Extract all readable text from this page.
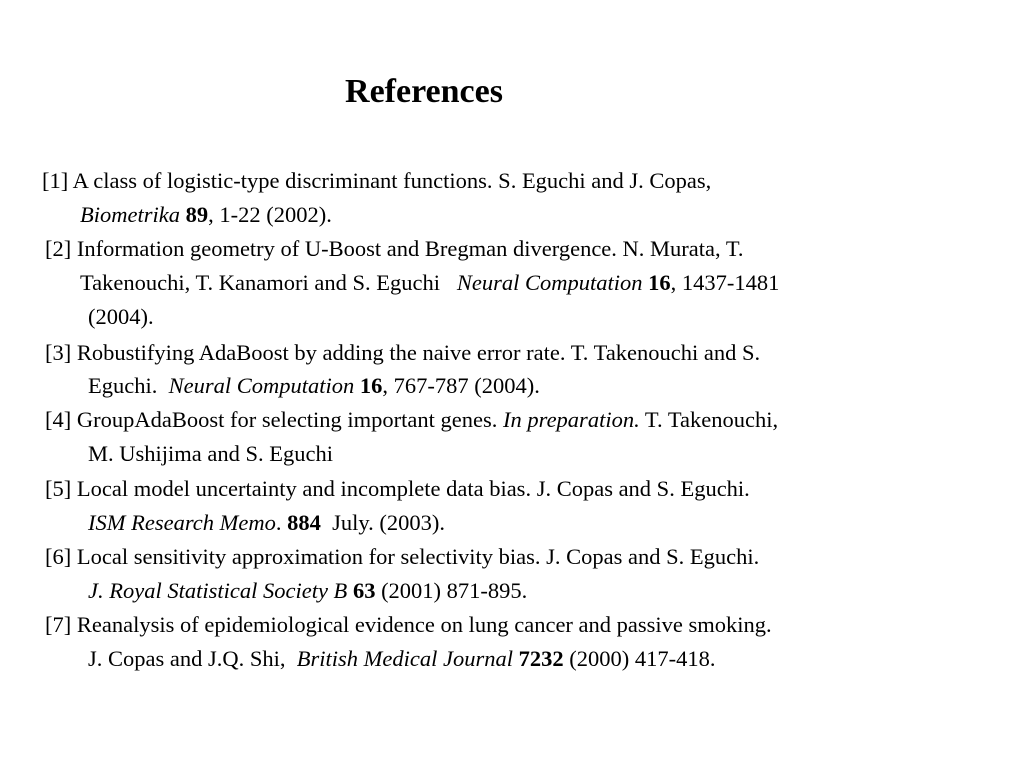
References

[1] A class of logistic-type discriminant functions. S. Eguchi and J. Copas,

Biometrika 89, 1-22 (2002).

[2] Information geometry of U-Boost and Bregman divergence. N. Murata, T.

Takenouchi, T. Kanamori and S. Eguchi Neural Computation 16, 1437-1481

(2004).

[3] Robustifying AdaBoost by adding the naive error rate. T. Takenouchi and S.

Eguchi. Neural Computation 16, 767-787 (2004).

[4] GroupAdaBoost for selecting important genes. In preparation. T. Takenouchi,

M. Ushijima and S. Eguchi

[5] Local model uncertainty and incomplete data bias. J. Copas and S. Eguchi.

ISM Research Memo. 884 July. (2003).

[6] Local sensitivity approximation for selectivity bias. J. Copas and S. Eguchi.

J. Royal Statistical Society B 63 (2001) 871-895.

[7] Reanalysis of epidemiological evidence on lung cancer and passive smoking.

J. Copas and J.Q. Shi, British Medical Journal 7232 (2000) 417-418.
